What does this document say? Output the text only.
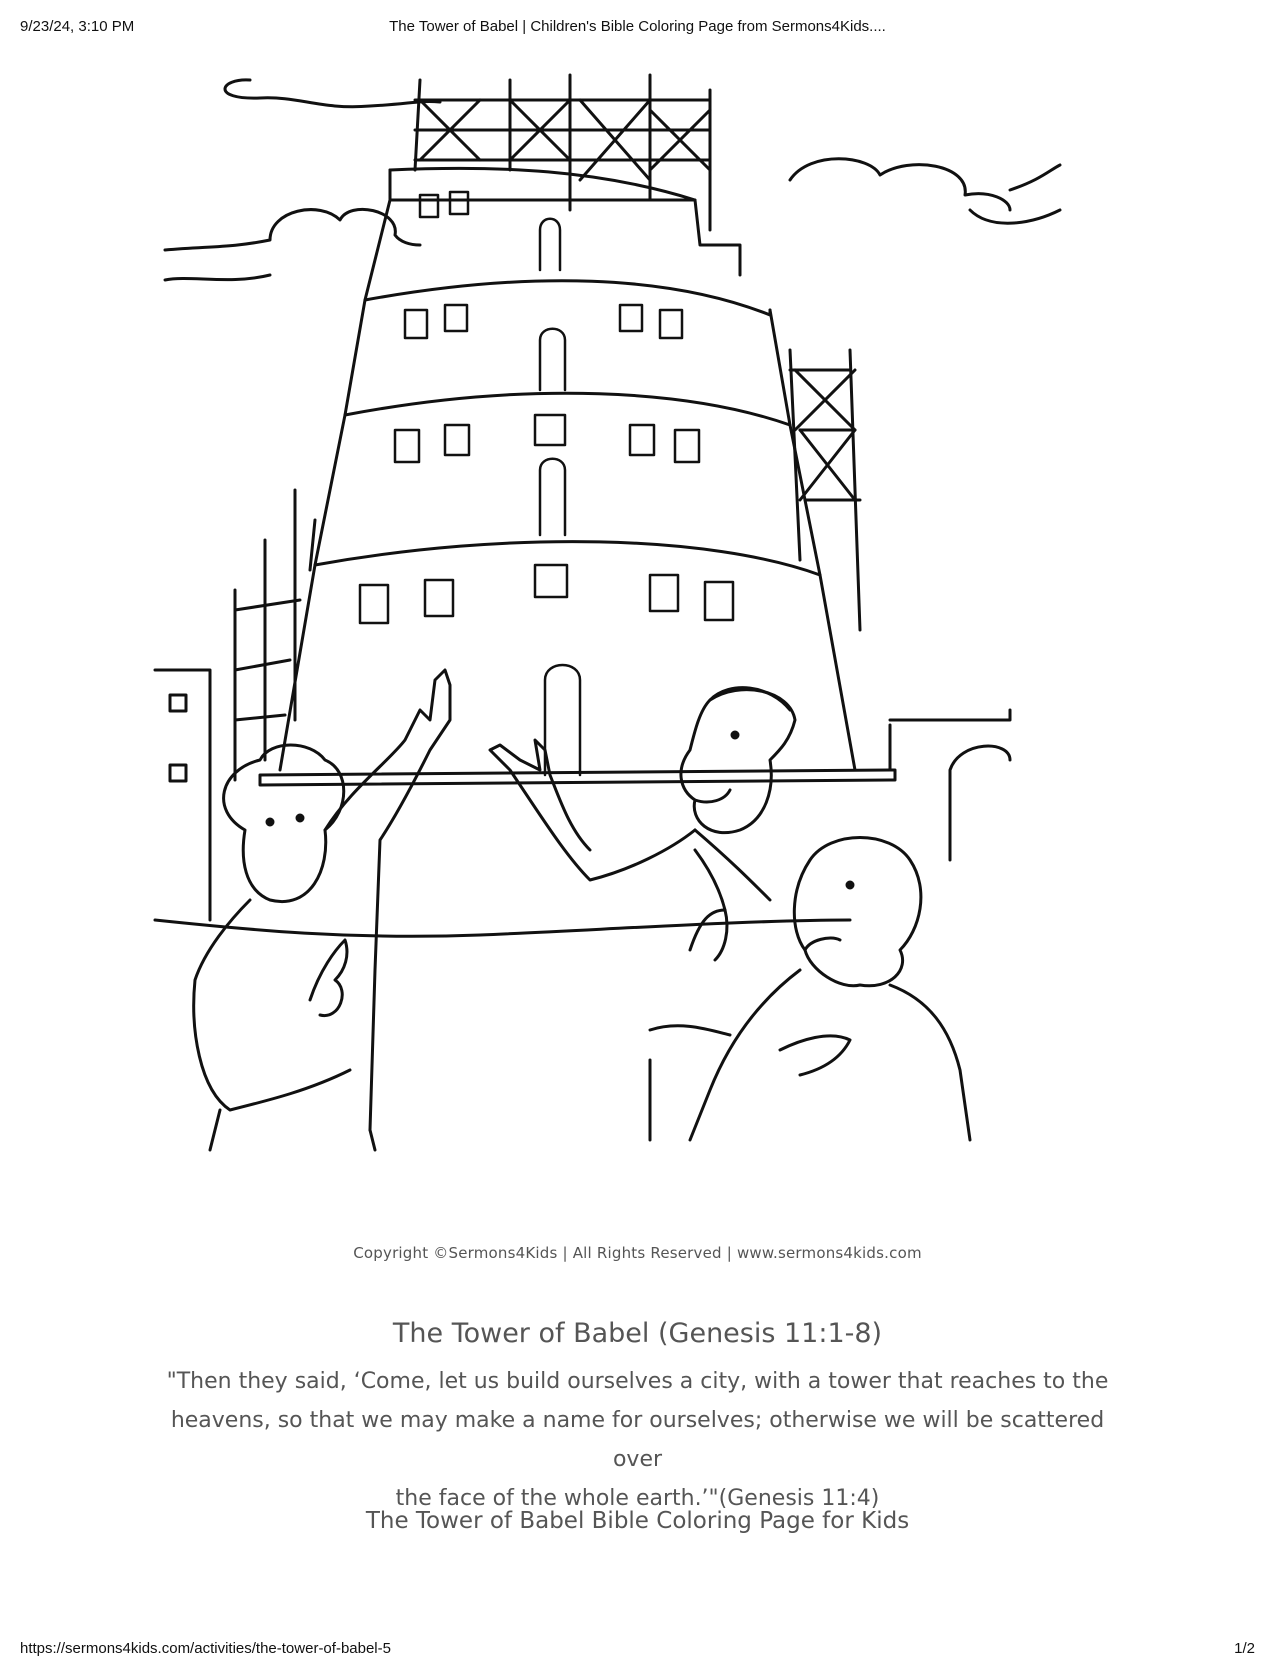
9/23/24, 3:10 PM	The Tower of Babel | Children's Bible Coloring Page from Sermons4Kids....
Copyright ©Sermons4Kids | All Rights Reserved | www.sermons4kids.com
The Tower of Babel (Genesis 11:1-8)
"Then they said, ‘Come, let us build ourselves a city, with a tower that reaches to the
heavens, so that we may make a name for ourselves; otherwise we will be scattered over
the face of the whole earth.’"(Genesis 11:4)
The Tower of Babel Bible Coloring Page for Kids
https://sermons4kids.com/activities/the-tower-of-babel-5	1/2
